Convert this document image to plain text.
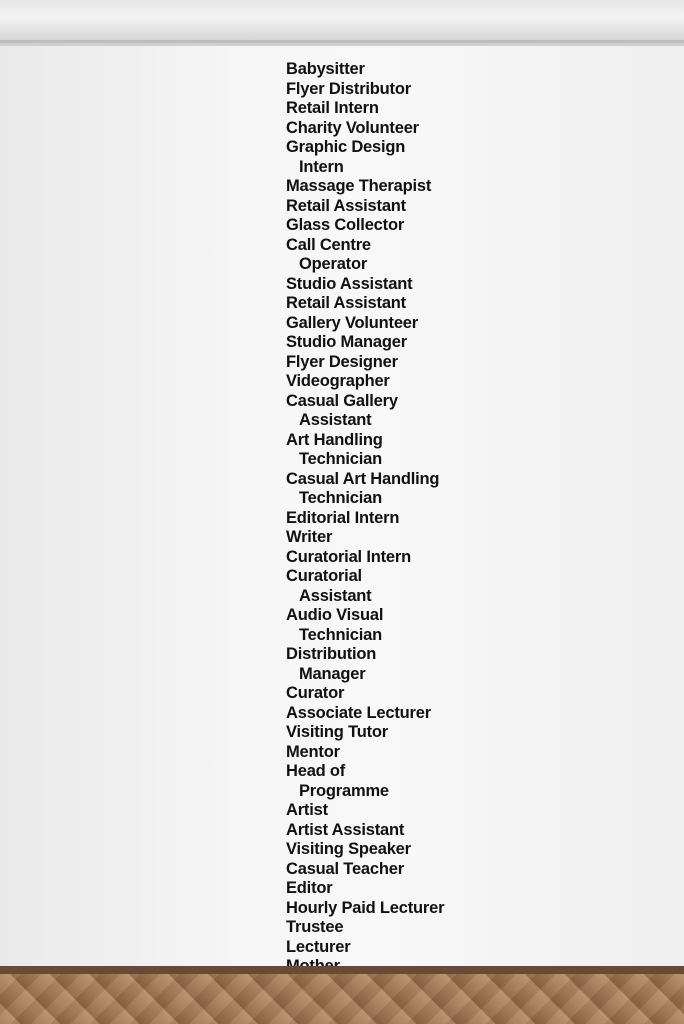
Babysitter
Flyer Distributor
Retail Intern
Charity Volunteer
Graphic Design
Intern
Massage Therapist
Retail Assistant
Glass Collector
Call Centre
Operator
Studio Assistant
Retail Assistant
Gallery Volunteer
Studio Manager
Flyer Designer
Videographer
Casual Gallery
Assistant
Art Handling
Technician
Casual Art Handling
Technician
Editorial Intern
Writer
Curatorial Intern
Curatorial
Assistant
Audio Visual
Technician
Distribution
Manager
Curator
Associate Lecturer
Visiting Tutor
Mentor
Head of
Programme
Artist
Artist Assistant
Visiting Speaker
Casual Teacher
Editor
Hourly Paid Lecturer
Trustee
Lecturer
